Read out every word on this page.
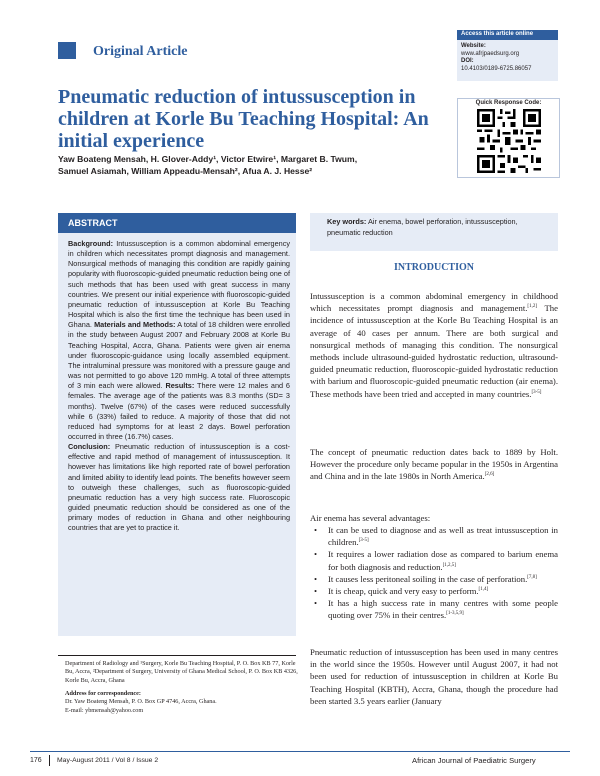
Original Article
Access this article online
Website:
www.afrjpaedsurg.org
DOI:
10.4103/0189-6725.86057
Quick Response Code:
Pneumatic reduction of intussusception in children at Korle Bu Teaching Hospital: An initial experience
Yaw Boateng Mensah, H. Glover-Addy¹, Victor Etwire¹, Margaret B. Twum,
Samuel Asiamah, William Appeadu-Mensah², Afua A. J. Hesse²
ABSTRACT

Background: Intussusception is a common abdominal emergency in children which necessitates prompt diagnosis and management. Nonsurgical methods of managing this condition are rapidly gaining popularity with fluoroscopic-guided pneumatic reduction being one of such methods that has been used with great success in many countries. We present our initial experience with fluoroscopic-guided pneumatic reduction of intussusception at Korle Bu Teaching Hospital which is also the first time the technique has been used in Ghana. Materials and Methods: A total of 18 children were enrolled in the study between August 2007 and February 2008 at Korle Bu Teaching Hospital, Accra, Ghana. Patients were given air enema under fluoroscopic-guidance using locally assembled equipment. The intraluminal pressure was monitored with a pressure gauge and was not permitted to go above 120 mmHg. A total of three attempts of 3 min each were allowed. Results: There were 12 males and 6 females. The average age of the patients was 8.3 months (SD= 3 months). Twelve (67%) of the cases were reduced successfully while 6 (33%) failed to reduce. A majority of those that did not reduced had symptoms for at least 2 days. Bowel perforation occurred in three (16.7%) cases.

Conclusion: Pneumatic reduction of intussusception is a cost-effective and rapid method of management of intussusception. It however has limitations like high reported rate of bowel perforation and limited ability to identify lead points. The benefits however seem to outweigh these challenges, such as fluoroscopic-guided pneumatic reduction has a very high success rate. Fluoroscopic guided pneumatic reduction should be considered as one of the primary modes of reduction in Ghana and other neighbouring countries that are yet to practice it.

Key words: Air enema, bowel perforation, intussusception, pneumatic reduction
INTRODUCTION
Intussusception is a common abdominal emergency in childhood which necessitates prompt diagnosis and management.[1,2] The incidence of intussusception at the Korle Bu Teaching Hospital is an average of 40 cases per annum. There are both surgical and nonsurgical methods of managing this condition. The nonsurgical methods include ultrasound-guided hydrostatic reduction, ultrasound-guided pneumatic reduction, fluoroscopic-guided hydrostatic reduction with barium and fluoroscopic-guided pneumatic reduction (air enema). These methods have been tried and accepted in many countries.[3-5]
The concept of pneumatic reduction dates back to 1889 by Holt. However the procedure only became popular in the 1950s in Argentina and China and in the late 1980s in North America.[2,6]
Air enema has several advantages:
• It can be used to diagnose and as well as treat intussusception in children.[3-5]
• It requires a lower radiation dose as compared to barium enema for both diagnosis and reduction.[1,2,5]
• It causes less peritoneal soiling in the case of perforation.[7,8]
• It is cheap, quick and very easy to perform.[1,4]
• It has a high success rate in many centres with some people quoting over 75% in their centres.[1-3,5,9]
Pneumatic reduction of intussusception has been used in many centres in the world since the 1950s. However until August 2007, it had not been used for reduction of intussusception in children at Korle Bu Teaching Hospital (KBTH), Accra, Ghana, though the procedure had been started 3.5 years earlier (January
Department of Radiology and ¹Surgery, Korle Bu Teaching Hospital, P. O. Box KB 77, Korle Bu, Accra, ²Department of Surgery, University of Ghana Medical School, P. O. Box KB 4326, Korle Bu, Accra, Ghana
Address for correspondence:
Dr. Yaw Boateng Mensah, P. O. Box GP 4746, Accra, Ghana.
E-mail: ybmensah@yahoo.com
176 May-August 2011 / Vol 8 / Issue 2	African Journal of Paediatric Surgery
